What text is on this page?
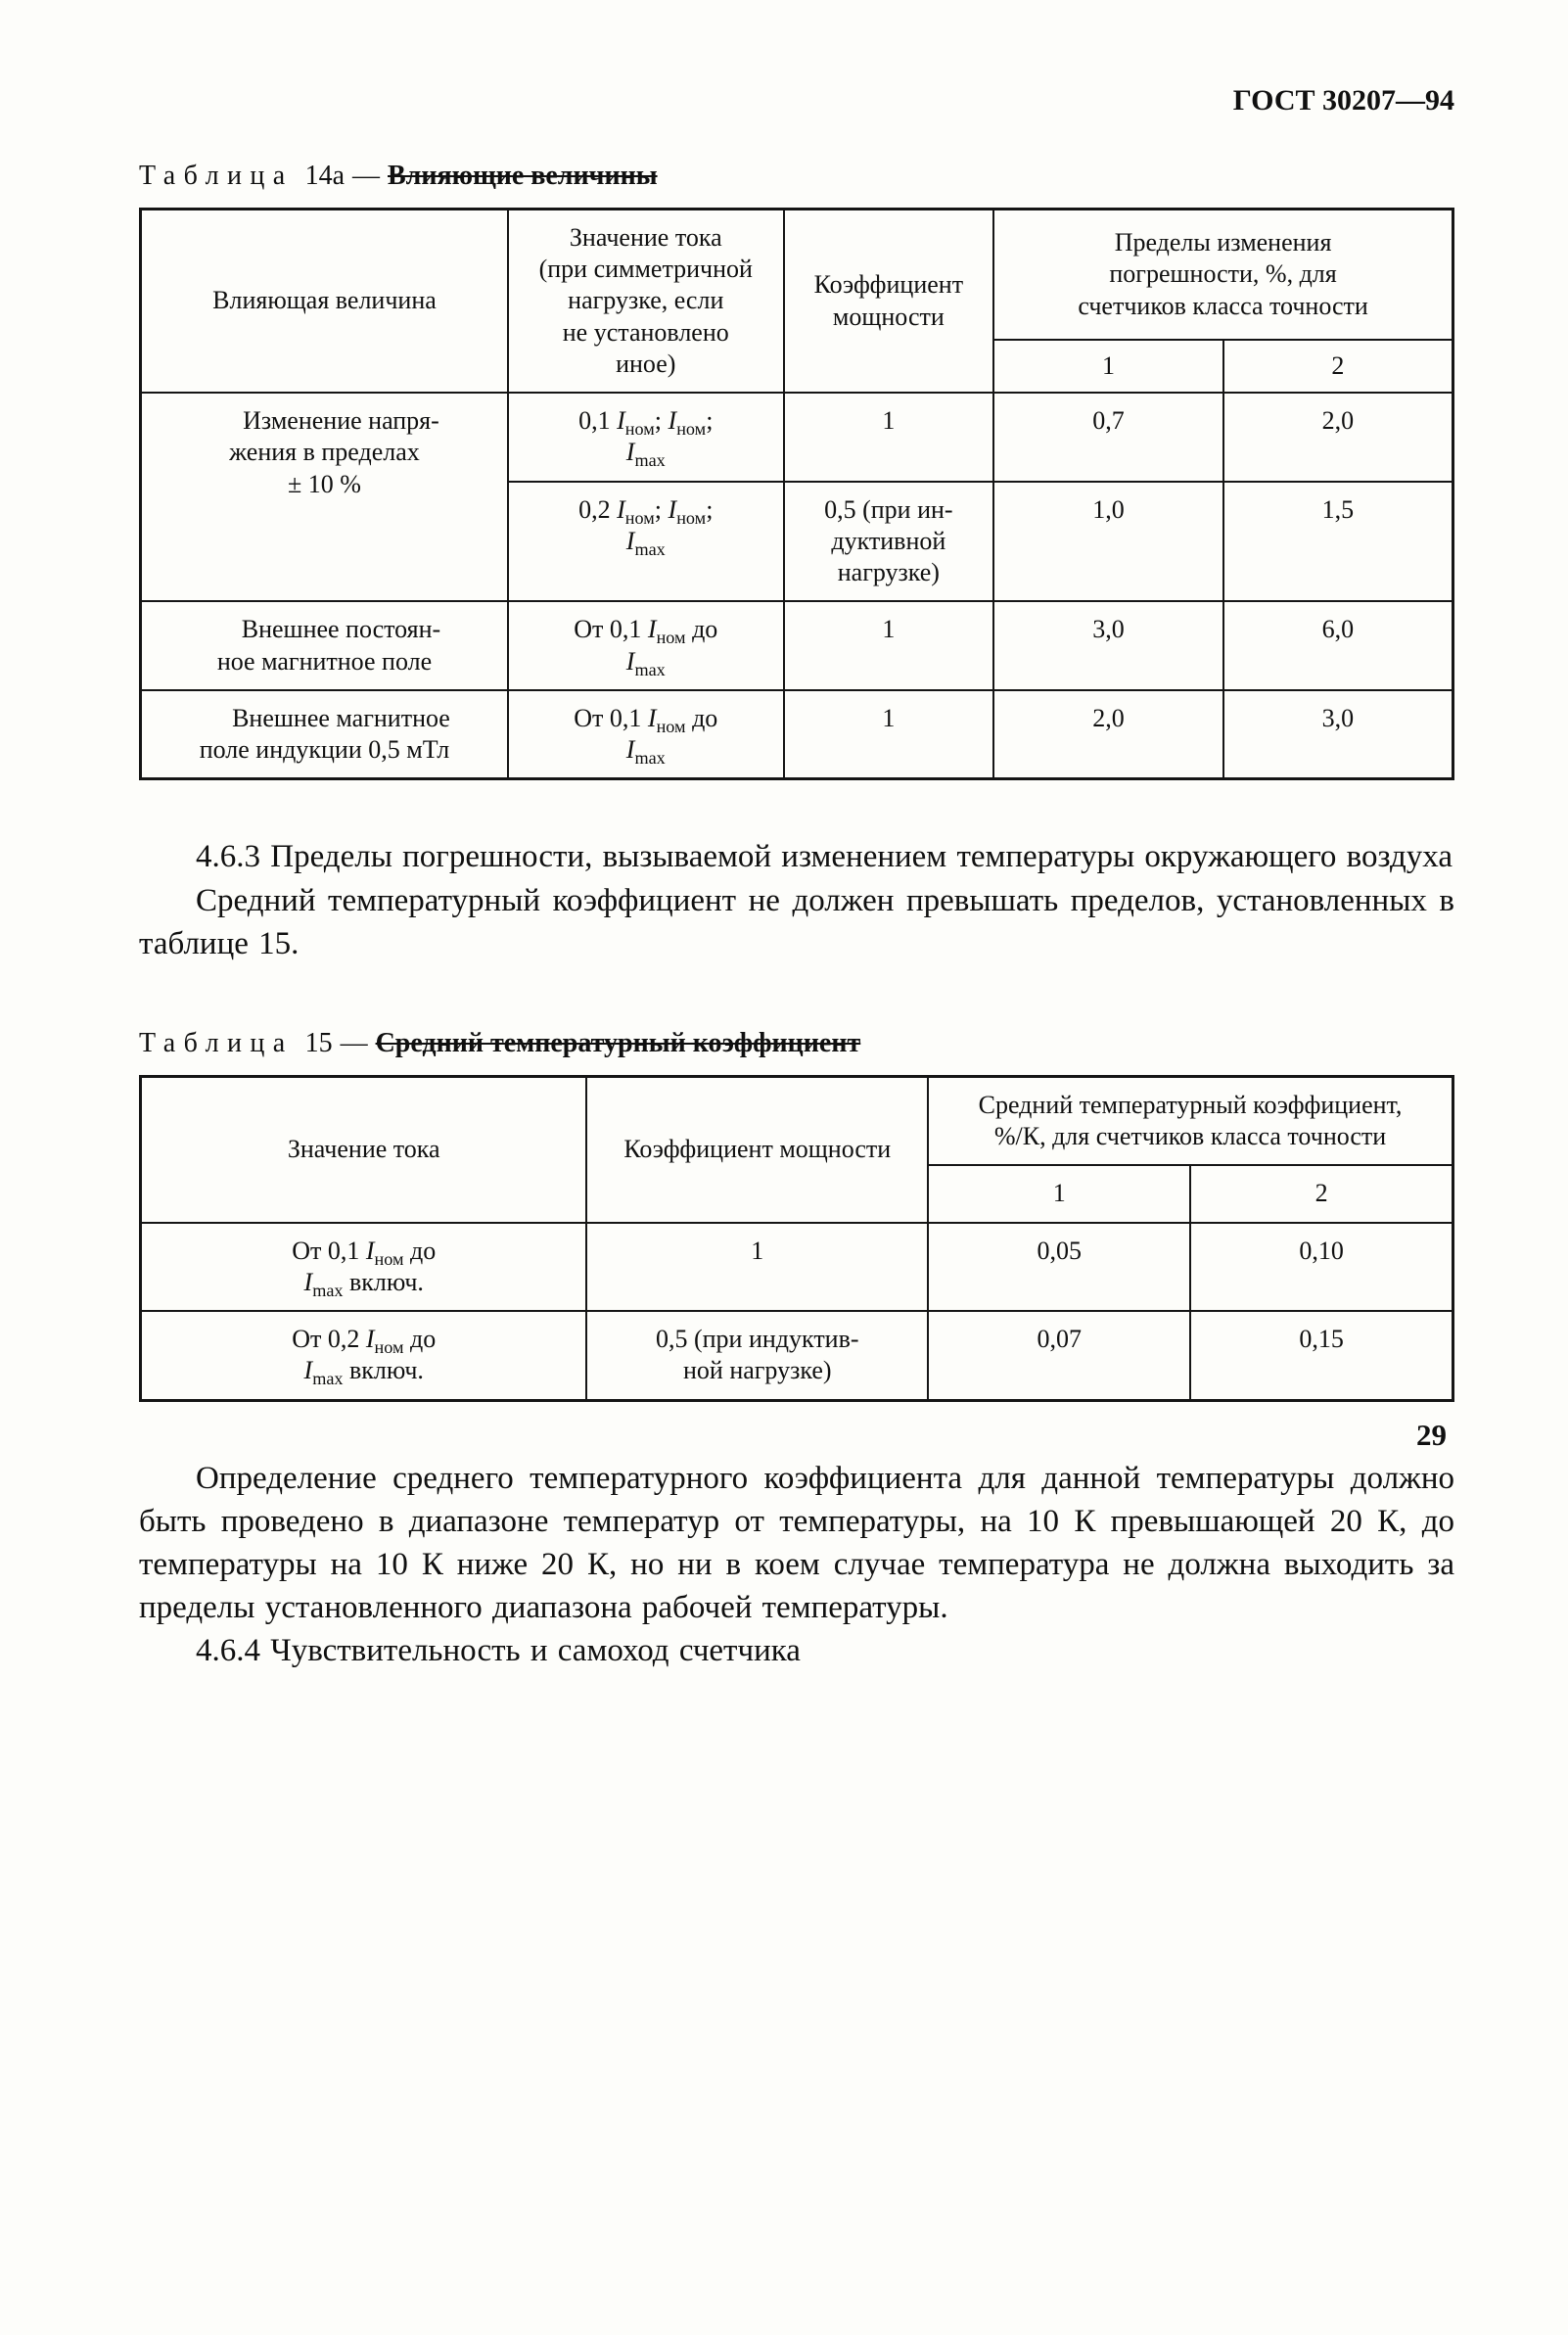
ГОСТ 30207—94

Таблица 14а — Влияющие величины

Влияющая величина	Значение тока
(при симметричной
нагрузке, если
не установлено
иное)	Коэффициент
мощности	Пределы изменения
погрешности, %, для
счетчиков класса точности	
			1	2
Изменение напря-
жения в пределах
± 10 %	0,1 $I_{ном}$; $I_{ном}$;
$I_{max}$	1	0,7	2,0
	0,2 $I_{ном}$; $I_{ном}$;
$I_{max}$	0,5 (при ин-
дуктивной
нагрузке)	1,0	1,5
Внешнее постоян-
ное магнитное поле	От 0,1 $I_{ном}$ до
$I_{max}$	1	3,0	6,0
Внешнее магнитное
поле индукции 0,5 мТл	От 0,1 $I_{ном}$ до
$I_{max}$	1	2,0	3,0

4.6.3 Пределы погрешности, вызываемой изменением температуры окружающего воздуха

Средний температурный коэффициент не должен превышать пределов, установленных в таблице 15.

Таблица 15 — Средний температурный коэффициент

Значение тока	Коэффициент мощности	Средний температурный коэффициент,
%/К, для счетчиков класса точности	
		1	2
От 0,1 $I_{ном}$ до
$I_{max}$ включ.	1	0,05	0,10
От 0,2 $I_{ном}$ до
$I_{max}$ включ.	0,5 (при индуктив-
ной нагрузке)	0,07	0,15

Определение среднего температурного коэффициента для данной температуры должно быть проведено в диапазоне температур от температуры, на 10 К превышающей 20 К, до температуры на 10 К ниже 20 К, но ни в коем случае температура не должна выходить за пределы установленного диапазона рабочей температуры.

4.6.4 Чувствительность и самоход счетчика

29
